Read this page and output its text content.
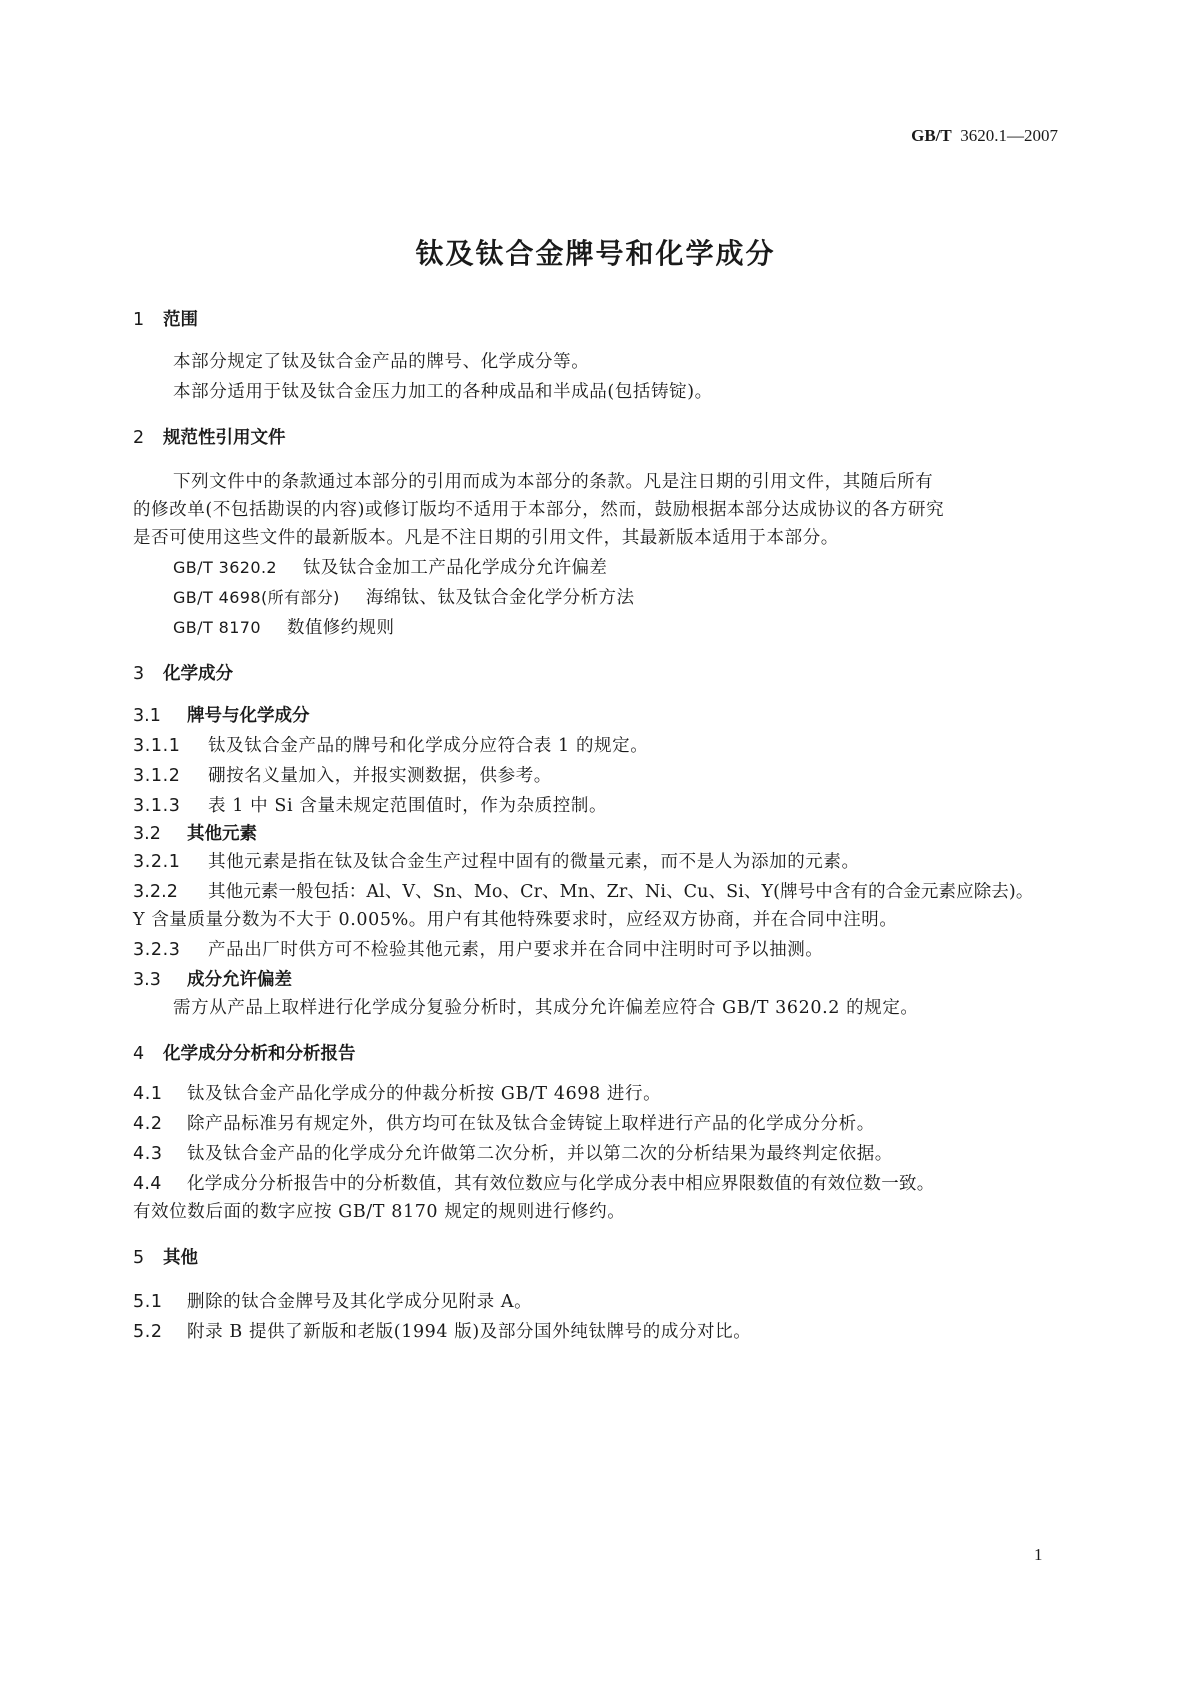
GB/T 3620.1—2007
钛及钛合金牌号和化学成分
1 范围
本部分规定了钛及钛合金产品的牌号、化学成分等。
本部分适用于钛及钛合金压力加工的各种成品和半成品(包括铸锭)。
2 规范性引用文件
下列文件中的条款通过本部分的引用而成为本部分的条款。凡是注日期的引用文件，其随后所有
的修改单(不包括勘误的内容)或修订版均不适用于本部分，然而，鼓励根据本部分达成协议的各方研究
是否可使用这些文件的最新版本。凡是不注日期的引用文件，其最新版本适用于本部分。
GB/T 3620.2 钛及钛合金加工产品化学成分允许偏差
GB/T 4698(所有部分) 海绵钛、钛及钛合金化学分析方法
GB/T 8170 数值修约规则
3 化学成分
3.1 牌号与化学成分
3.1.1 钛及钛合金产品的牌号和化学成分应符合表 1 的规定。
3.1.2 硼按名义量加入，并报实测数据，供参考。
3.1.3 表 1 中 Si 含量未规定范围值时，作为杂质控制。
3.2 其他元素
3.2.1 其他元素是指在钛及钛合金生产过程中固有的微量元素，而不是人为添加的元素。
3.2.2 其他元素一般包括：Al、V、Sn、Mo、Cr、Mn、Zr、Ni、Cu、Si、Y(牌号中含有的合金元素应除去)。
Y 含量质量分数为不大于 0.005%。用户有其他特殊要求时，应经双方协商，并在合同中注明。
3.2.3 产品出厂时供方可不检验其他元素，用户要求并在合同中注明时可予以抽测。
3.3 成分允许偏差
需方从产品上取样进行化学成分复验分析时，其成分允许偏差应符合 GB/T 3620.2 的规定。
4 化学成分分析和分析报告
4.1 钛及钛合金产品化学成分的仲裁分析按 GB/T 4698 进行。
4.2 除产品标准另有规定外，供方均可在钛及钛合金铸锭上取样进行产品的化学成分分析。
4.3 钛及钛合金产品的化学成分允许做第二次分析，并以第二次的分析结果为最终判定依据。
4.4 化学成分分析报告中的分析数值，其有效位数应与化学成分表中相应界限数值的有效位数一致。
有效位数后面的数字应按 GB/T 8170 规定的规则进行修约。
5 其他
5.1 删除的钛合金牌号及其化学成分见附录 A。
5.2 附录 B 提供了新版和老版(1994 版)及部分国外纯钛牌号的成分对比。
1
